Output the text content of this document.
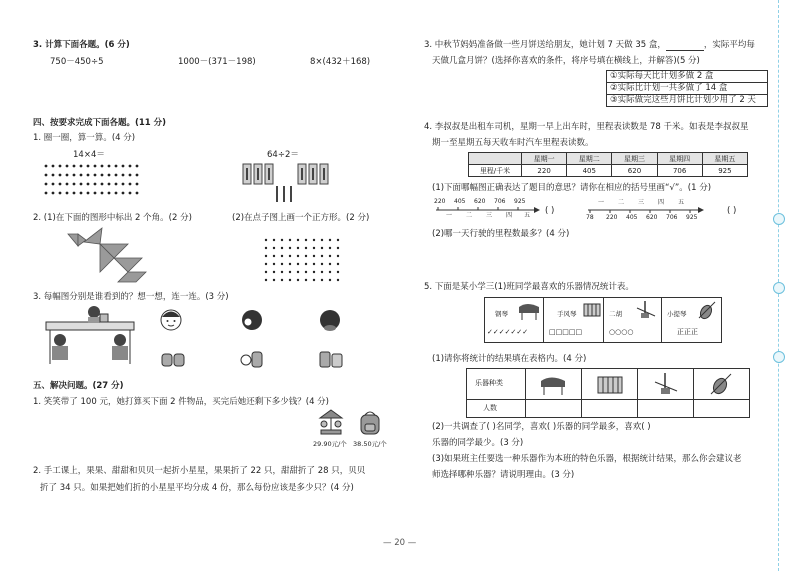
3. 计算下面各题。(6 分)
750－450÷5	1000－(371－198)	8×(432＋168)
四、按要求完成下面各题。(11 分)
1. 圈一圈，算一算。(4 分)
14×4＝	64÷2＝
2. (1)在下面的图形中标出 2 个角。(2 分)	(2)在点子图上画一个正方形。(2 分)
3. 每幅图分别是谁看到的？想一想，连一连。(3 分)
五、解决问题。(27 分)
1. 笑笑带了 100 元，她打算买下面 2 件物品，买完后她还剩下多少钱？(4 分)
29.90元/个 38.50元/个
2. 手工课上，果果、甜甜和贝贝一起折小星星，果果折了 22 只，甜甜折了 28 只，贝贝
折了 34 只。如果把她们折的小星星平均分成 4 份，那么每份应该是多少只？(4 分)
3. 中秋节妈妈准备做一些月饼送给朋友，她计划 7 天做 35 盒，	，实际平均每
天做几盒月饼？(选择你喜欢的条件，将序号填在横线上，并解答)(5 分)
①实际每天比计划多做 2 盒
②实际比计划一共多做了 14 盒
③实际做完这些月饼比计划少用了 2 天
4. 李叔叔是出租车司机，星期一早上出车时，里程表读数是 78 千米。如表是李叔叔星
期一至星期五每天收车时汽车里程表读数。
	星期一	星期二	星期三	星期四	星期五
里程/千米	220	405	620	706	925
(1)下面哪幅图正确表达了题目的意思？请你在相应的括号里画“√”。(1 分)
220 405 620 706 925
一 二 三 四 五 ( )
一 二 三 四 五
78 220 405 620 706 925
( )
(2)哪一天行驶的里程数最多？(4 分)
5. 下面是某小学三(1)班同学最喜欢的乐器情况统计表。
钢琴	手风琴	二胡	小提琴
✓✓✓✓✓✓✓	□□□□□	○○○○	正正正
(1)请你将统计的结果填在表格内。(4 分)
乐器种类
人数
(2)一共调查了( )名同学，喜欢( )乐器的同学最多，喜欢( )
乐器的同学最少。(3 分)
(3)如果班主任要选一种乐器作为本班的特色乐器，根据统计结果，那么你会建议老
师选择哪种乐器？请说明理由。(3 分)
— 20 —
